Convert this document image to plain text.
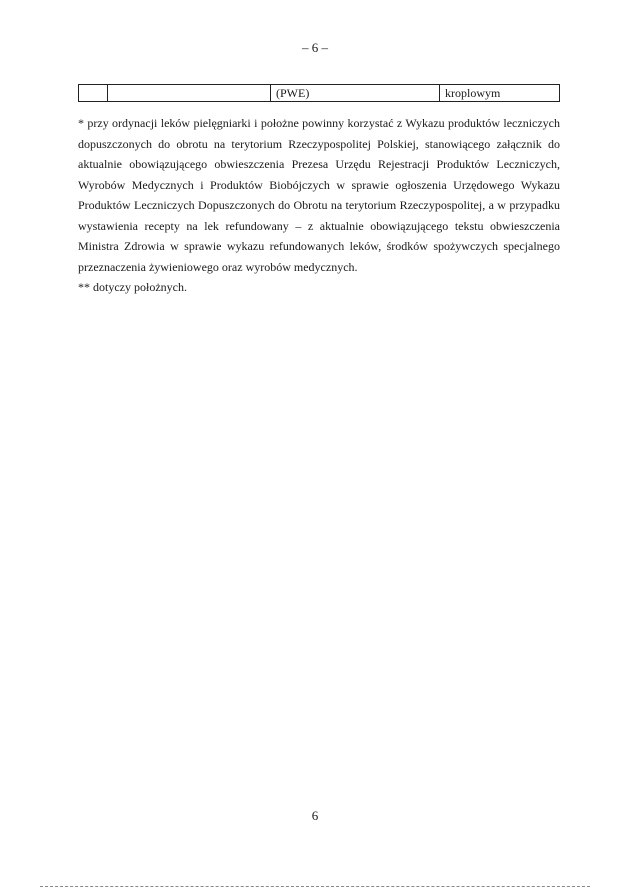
– 6 –
		(PWE)	kroplowym

* przy ordynacji leków pielęgniarki i położne powinny korzystać z Wykazu produktów leczniczych dopuszczonych do obrotu na terytorium Rzeczypospolitej Polskiej, stanowiącego załącznik do aktualnie obowiązującego obwieszczenia Prezesa Urzędu Rejestracji Produktów Leczniczych, Wyrobów Medycznych i Produktów Biobójczych w sprawie ogłoszenia Urzędowego Wykazu Produktów Leczniczych Dopuszczonych do Obrotu na terytorium Rzeczypospolitej, a w przypadku wystawienia recepty na lek refundowany – z aktualnie obowiązującego tekstu obwieszczenia Ministra Zdrowia w sprawie wykazu refundowanych leków, środków spożywczych specjalnego przeznaczenia żywieniowego oraz wyrobów medycznych.

** dotyczy położnych.

6
